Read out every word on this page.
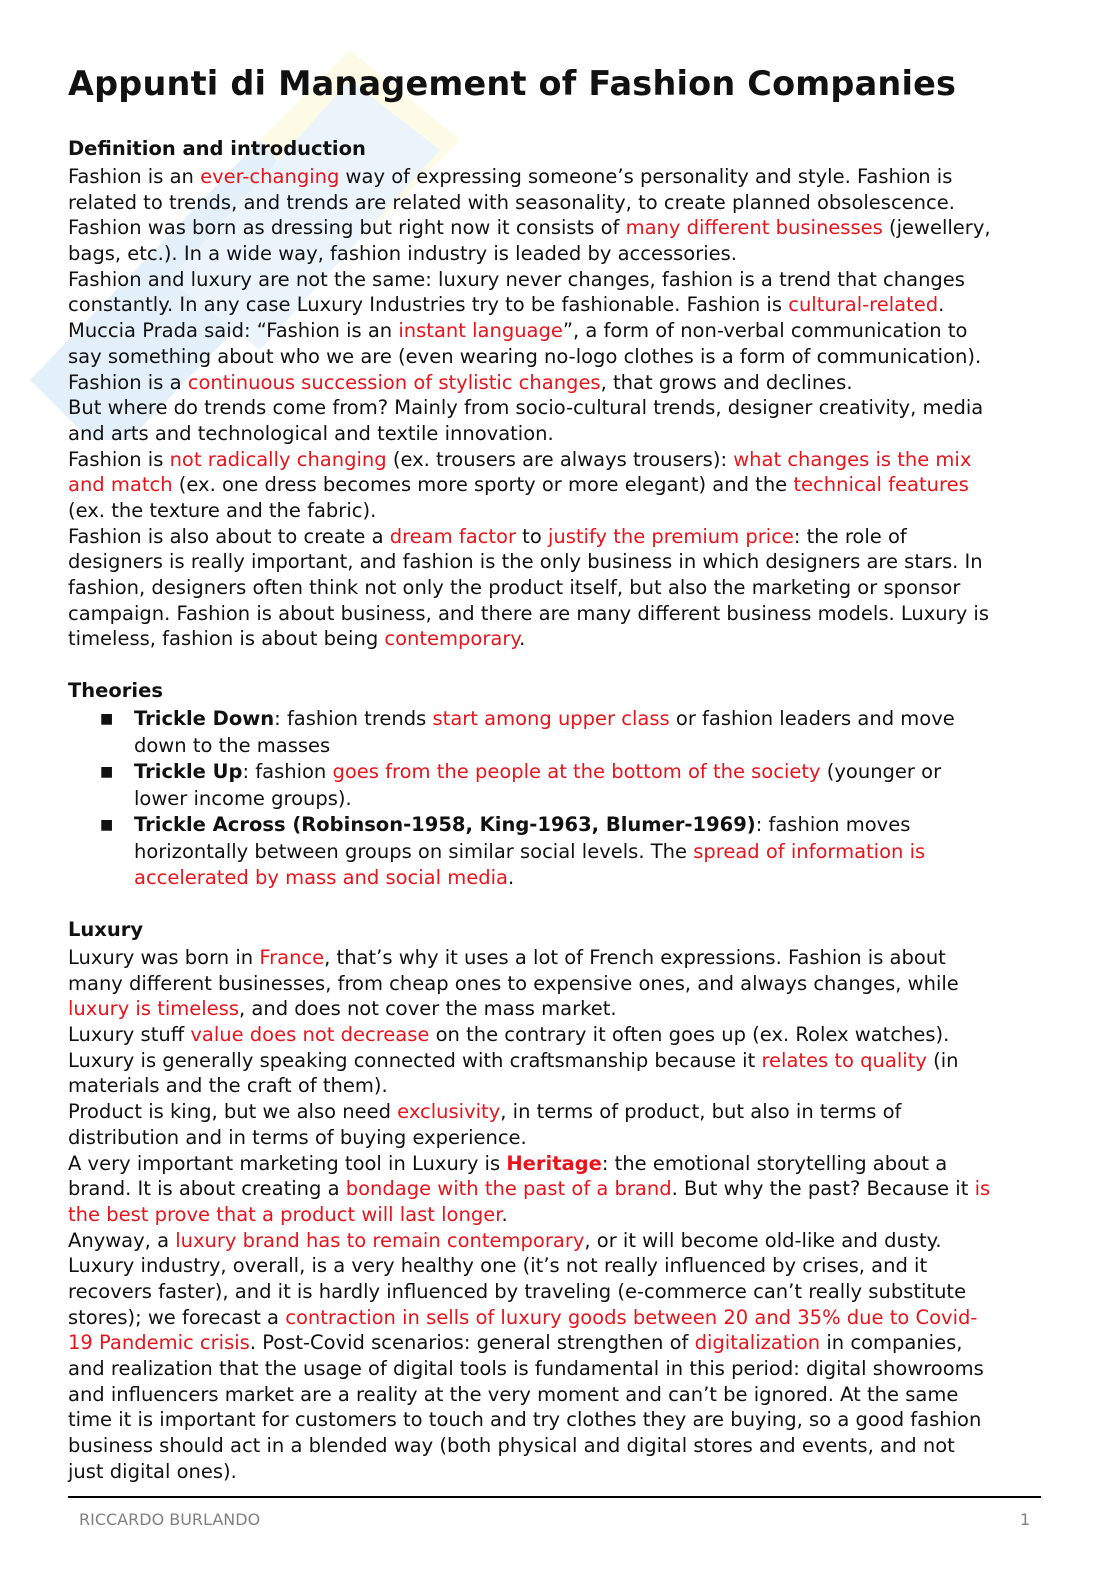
Appunti di Management of Fashion Companies
Definition and introduction
Fashion is an ever-changing way of expressing someone’s personality and style. Fashion is
related to trends, and trends are related with seasonality, to create planned obsolescence.
Fashion was born as dressing but right now it consists of many different businesses (jewellery,
bags, etc.). In a wide way, fashion industry is leaded by accessories.
Fashion and luxury are not the same: luxury never changes, fashion is a trend that changes
constantly. In any case Luxury Industries try to be fashionable. Fashion is cultural-related.
Muccia Prada said: “Fashion is an instant language”, a form of non-verbal communication to
say something about who we are (even wearing no-logo clothes is a form of communication).
Fashion is a continuous succession of stylistic changes, that grows and declines.
But where do trends come from? Mainly from socio-cultural trends, designer creativity, media
and arts and technological and textile innovation.
Fashion is not radically changing (ex. trousers are always trousers): what changes is the mix
and match (ex. one dress becomes more sporty or more elegant) and the technical features
(ex. the texture and the fabric).
Fashion is also about to create a dream factor to justify the premium price: the role of
designers is really important, and fashion is the only business in which designers are stars. In
fashion, designers often think not only the product itself, but also the marketing or sponsor
campaign. Fashion is about business, and there are many different business models. Luxury is
timeless, fashion is about being contemporary.
Theories
■ Trickle Down: fashion trends start among upper class or fashion leaders and move
down to the masses
■ Trickle Up: fashion goes from the people at the bottom of the society (younger or
lower income groups).
■ Trickle Across (Robinson-1958, King-1963, Blumer-1969): fashion moves
horizontally between groups on similar social levels. The spread of information is
accelerated by mass and social media.
Luxury
Luxury was born in France, that’s why it uses a lot of French expressions. Fashion is about
many different businesses, from cheap ones to expensive ones, and always changes, while
luxury is timeless, and does not cover the mass market.
Luxury stuff value does not decrease on the contrary it often goes up (ex. Rolex watches).
Luxury is generally speaking connected with craftsmanship because it relates to quality (in
materials and the craft of them).
Product is king, but we also need exclusivity, in terms of product, but also in terms of
distribution and in terms of buying experience.
A very important marketing tool in Luxury is Heritage: the emotional storytelling about a
brand. It is about creating a bondage with the past of a brand. But why the past? Because it is
the best prove that a product will last longer.
Anyway, a luxury brand has to remain contemporary, or it will become old-like and dusty.
Luxury industry, overall, is a very healthy one (it’s not really influenced by crises, and it
recovers faster), and it is hardly influenced by traveling (e-commerce can’t really substitute
stores); we forecast a contraction in sells of luxury goods between 20 and 35% due to Covid-
19 Pandemic crisis. Post-Covid scenarios: general strengthen of digitalization in companies,
and realization that the usage of digital tools is fundamental in this period: digital showrooms
and influencers market are a reality at the very moment and can’t be ignored. At the same
time it is important for customers to touch and try clothes they are buying, so a good fashion
business should act in a blended way (both physical and digital stores and events, and not
just digital ones).
RICCARDO BURLANDO	1
